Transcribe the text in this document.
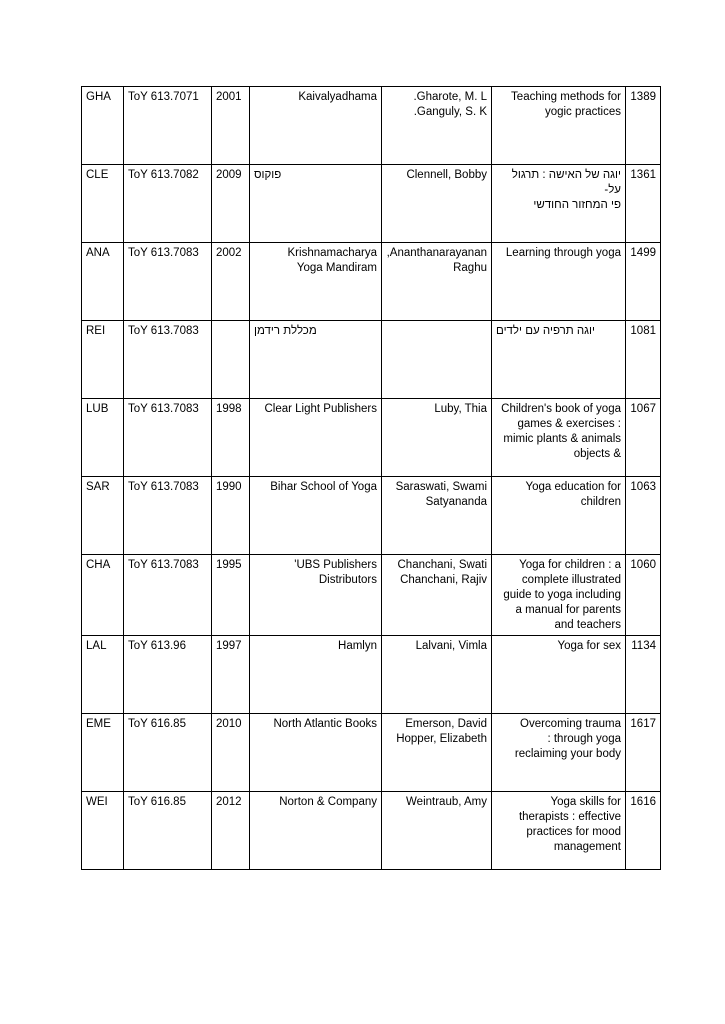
GHA	ToY 613.7071	2001	Kaivalyadhama	.Gharote, M. L
.Ganguly, S. K	Teaching methods for
yogic practices	1389

CLE	ToY 613.7082	2009	פוקוס	Clennell, Bobby	יוגה של האישה : תרגול על-
פי המחזור החודשי	1361

ANA	ToY 613.7083	2002	Krishnamacharya
Yoga Mandiram	,Ananthanarayanan
Raghu	Learning through yoga	1499

REI	ToY 613.7083		מכללת רידמן		יוגה תרפיה עם ילדים	1081

LUB	ToY 613.7083	1998	Clear Light Publishers	Luby, Thia	Children's book of yoga
games & exercises :
mimic plants & animals
objects &	1067

SAR	ToY 613.7083	1990	Bihar School of Yoga	Saraswati, Swami
Satyananda	Yoga education for
children	1063

CHA	ToY 613.7083	1995	'UBS Publishers
Distributors	Chanchani, Swati
Chanchani, Rajiv	Yoga for children : a
complete illustrated
guide to yoga including
a manual for parents
and teachers	1060

LAL	ToY 613.96	1997	Hamlyn	Lalvani, Vimla	Yoga for sex	1134

EME	ToY 616.85	2010	North Atlantic Books	Emerson, David
Hopper, Elizabeth	Overcoming trauma
: through yoga
reclaiming your body	1617

WEI	ToY 616.85	2012	Norton & Company	Weintraub, Amy	Yoga skills for
therapists : effective
practices for mood
management	1616
